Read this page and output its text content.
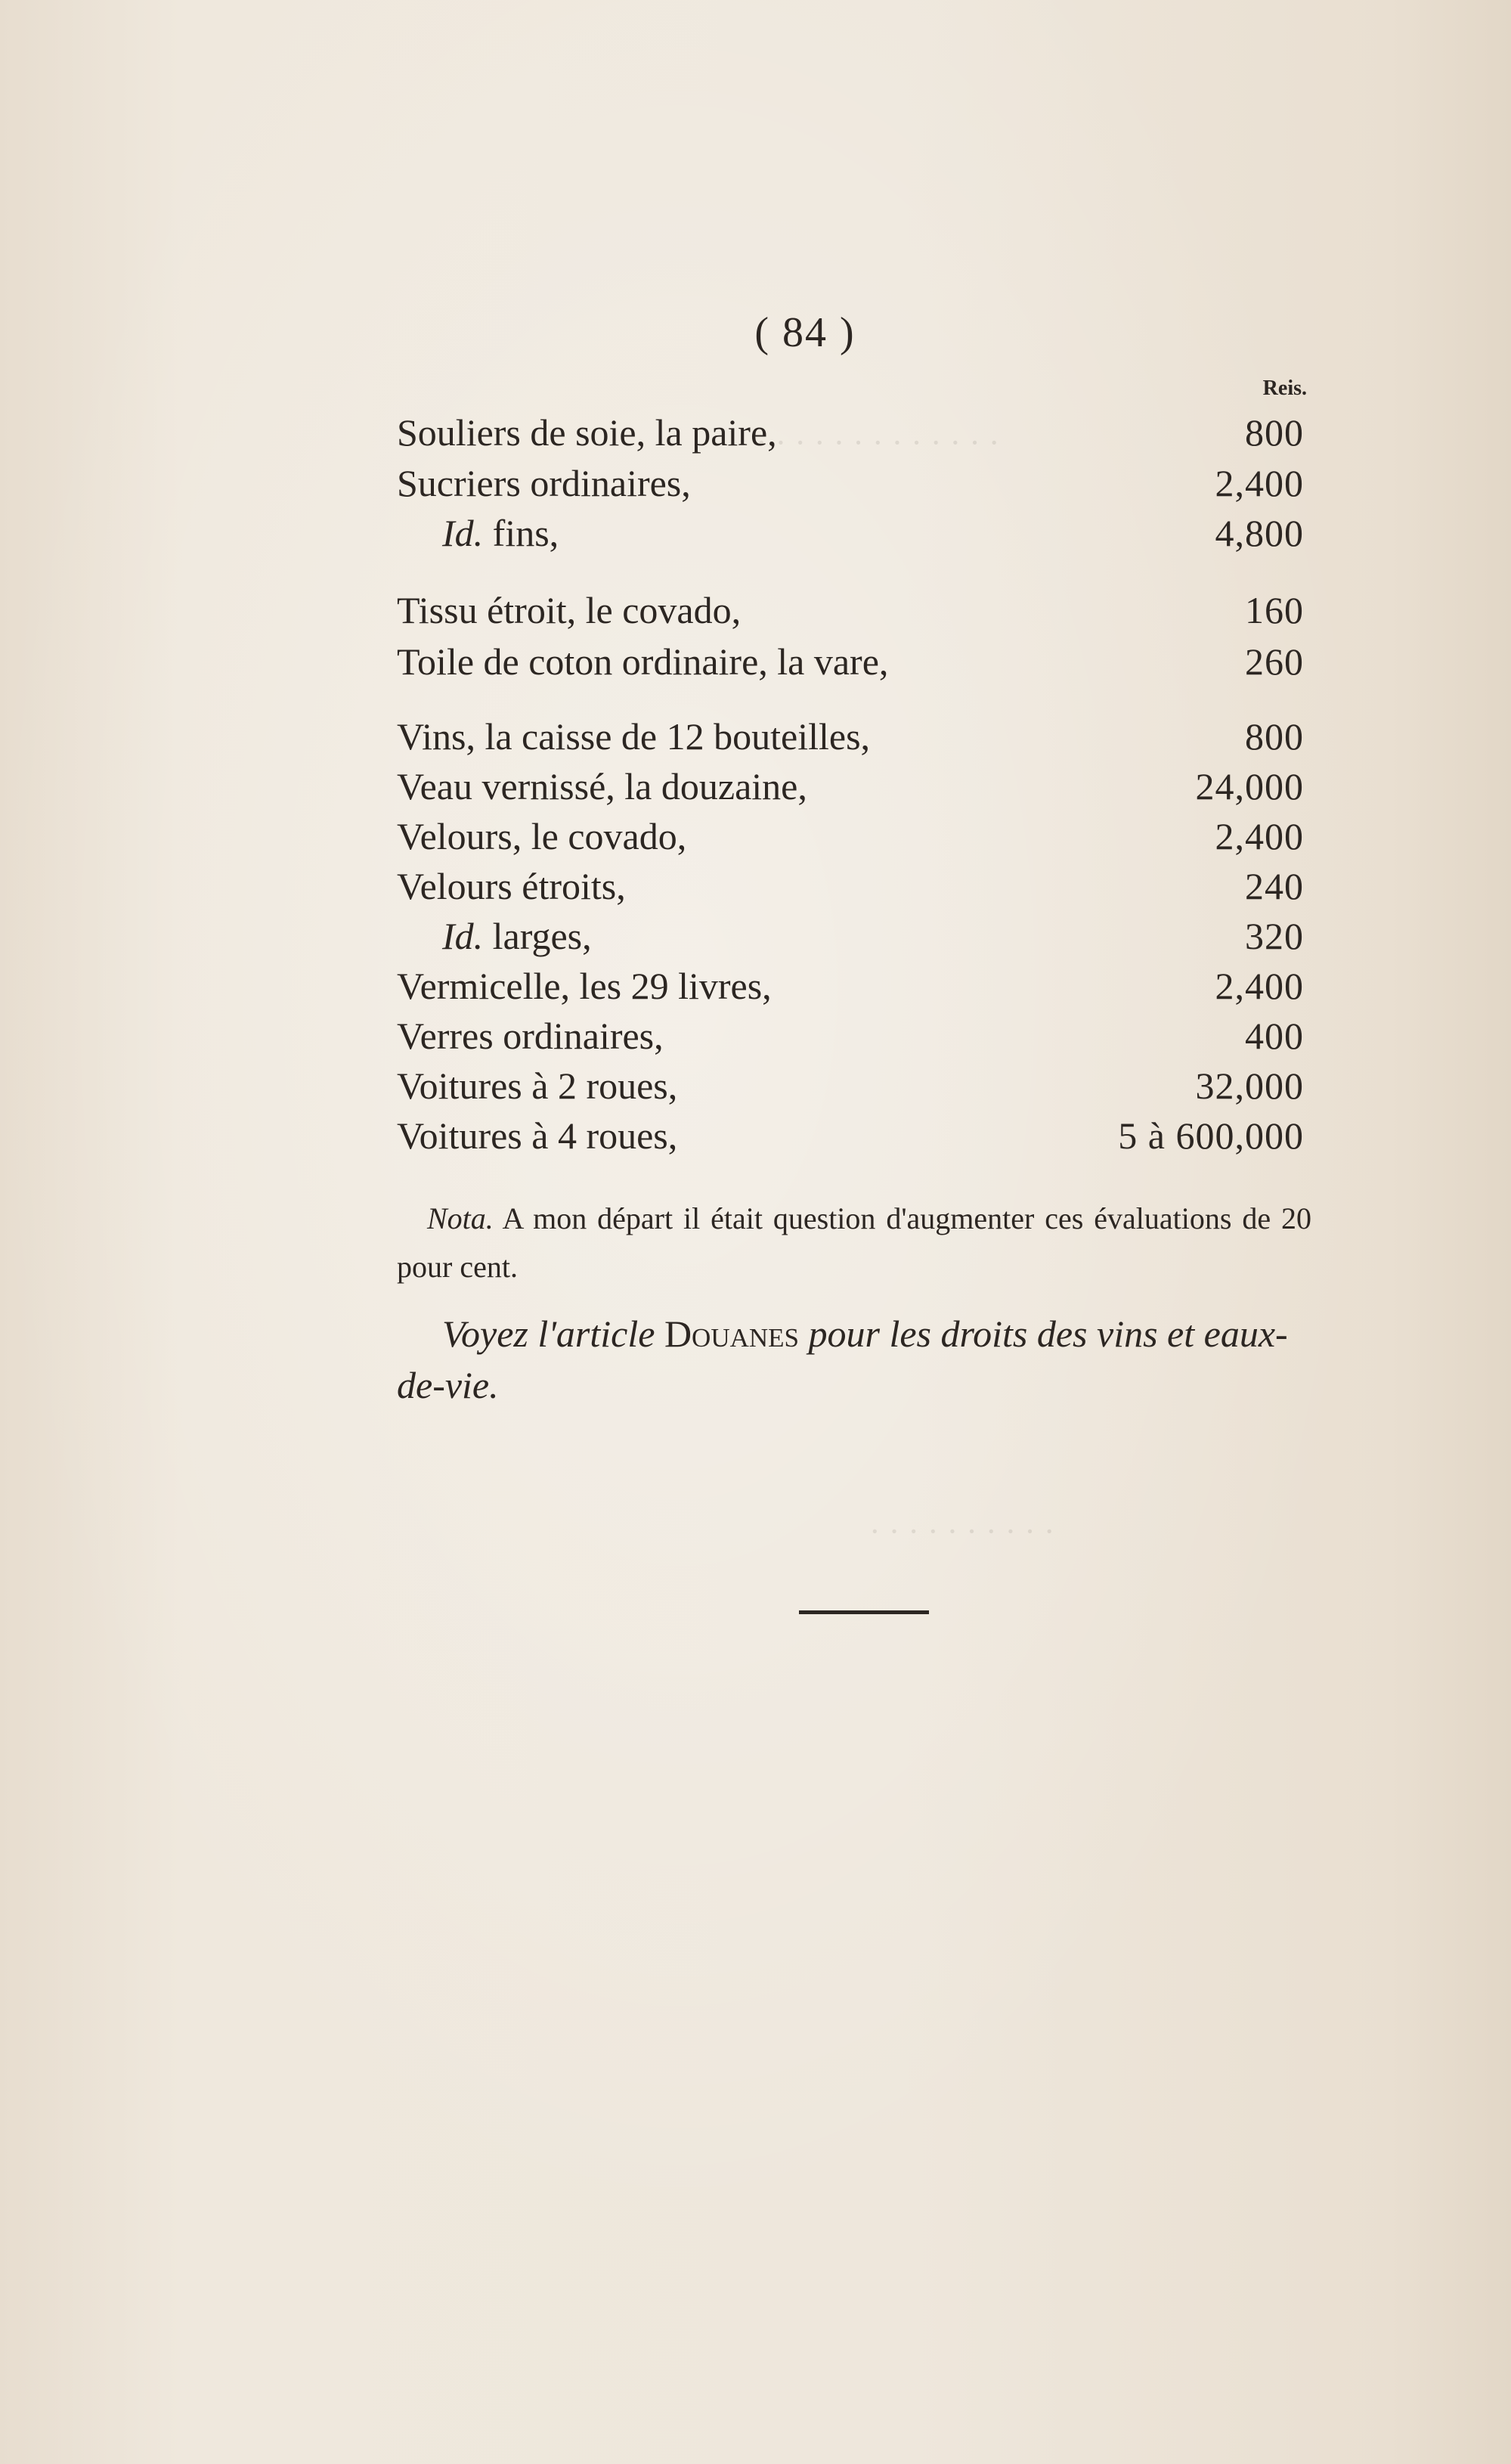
· · · · · · · · · · · · ·
· · · · · · · · · ·
( 84 )
Reis.
Souliers de soie, la paire,	800
Sucriers ordinaires,	2,400
Id. fins,	4,800
Tissu étroit, le covado,	160
Toile de coton ordinaire, la vare,	260
Vins, la caisse de 12 bouteilles,	800
Veau vernissé, la douzaine,	24,000
Velours, le covado,	2,400
Velours étroits,	240
Id. larges,	320
Vermicelle, les 29 livres,	2,400
Verres ordinaires,	400
Voitures à 2 roues,	32,000
Voitures à 4 roues,	5 à 600,000
Nota. A mon départ il était question d'augmenter ces évaluations de 20 pour cent.
Voyez l'article Douanes pour les droits des vins et eaux-de-vie.
